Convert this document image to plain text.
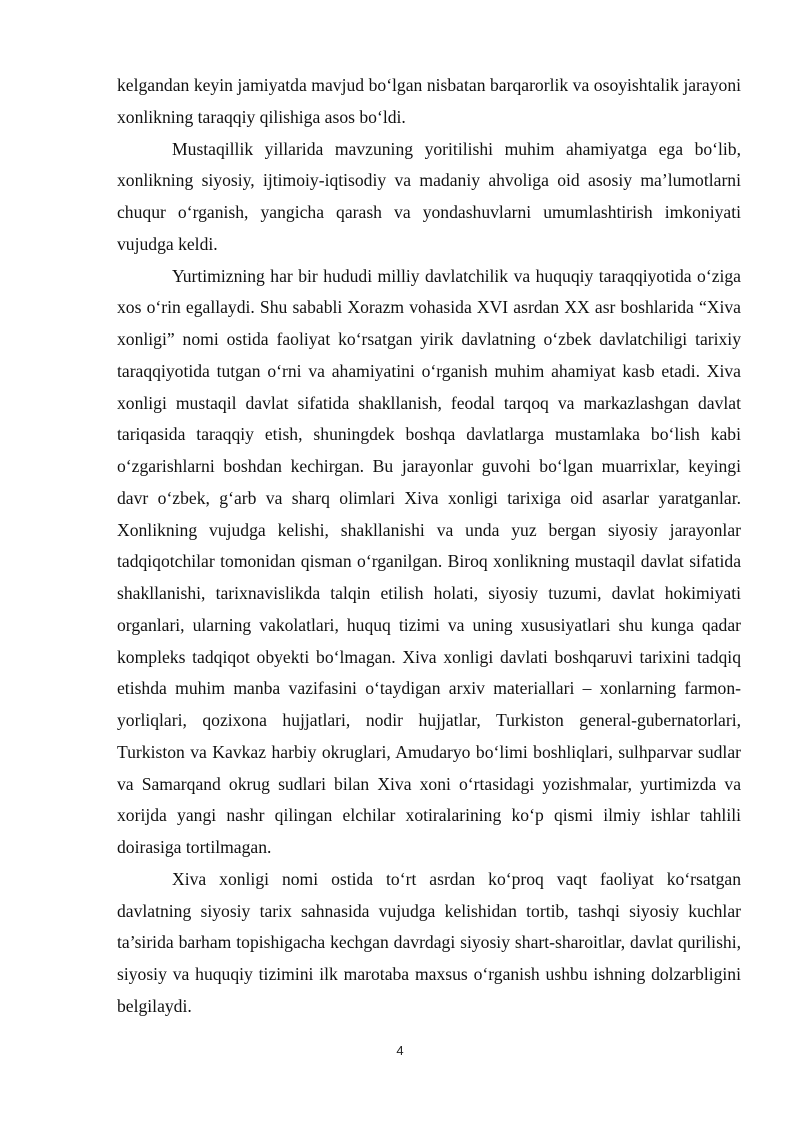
kelgandan keyin jamiyatda mavjud bo‘lgan nisbatan barqarorlik va osoyishtalik jarayoni xonlikning taraqqiy qilishiga asos bo‘ldi.

Mustaqillik yillarida mavzuning yoritilishi muhim ahamiyatga ega bo‘lib, xonlikning siyosiy, ijtimoiy-iqtisodiy va madaniy ahvoliga oid asosiy ma’lumotlarni chuqur o‘rganish, yangicha qarash va yondashuvlarni umumlashtirish imkoniyati vujudga keldi.

Yurtimizning har bir hududi milliy davlatchilik va huquqiy taraqqiyotida o‘ziga xos o‘rin egallaydi. Shu sababli Xorazm vohasida XVI asrdan XX asr boshlarida “Xiva xonligi” nomi ostida faoliyat ko‘rsatgan yirik davlatning o‘zbek davlatchiligi tarixiy taraqqiyotida tutgan o‘rni va ahamiyatini o‘rganish muhim ahamiyat kasb etadi. Xiva xonligi mustaqil davlat sifatida shakllanish, feodal tarqoq va markazlashgan davlat tariqasida taraqqiy etish, shuningdek boshqa davlatlarga mustamlaka bo‘lish kabi o‘zgarishlarni boshdan kechirgan. Bu jarayonlar guvohi bo‘lgan muarrixlar, keyingi davr o‘zbek, g‘arb va sharq olimlari Xiva xonligi tarixiga oid asarlar yaratganlar. Xonlikning vujudga kelishi, shakllanishi va unda yuz bergan siyosiy jarayonlar tadqiqotchilar tomonidan qisman o‘rganilgan. Biroq xonlikning mustaqil davlat sifatida shakllanishi, tarixnavislikda talqin etilish holati, siyosiy tuzumi, davlat hokimiyati organlari, ularning vakolatlari, huquq tizimi va uning xususiyatlari shu kunga qadar kompleks tadqiqot obyekti bo‘lmagan. Xiva xonligi davlati boshqaruvi tarixini tadqiq etishda muhim manba vazifasini o‘taydigan arxiv materiallari – xonlarning farmon-yorliqlari, qozixona hujjatlari, nodir hujjatlar, Turkiston general-gubernatorlari, Turkiston va Kavkaz harbiy okruglari, Amudaryo bo‘limi boshliqlari, sulhparvar sudlar va Samarqand okrug sudlari bilan Xiva xoni o‘rtasidagi yozishmalar, yurtimizda va xorijda yangi nashr qilingan elchilar xotiralarining ko‘p qismi ilmiy ishlar tahlili doirasiga tortilmagan.

Xiva xonligi nomi ostida to‘rt asrdan ko‘proq vaqt faoliyat ko‘rsatgan davlatning siyosiy tarix sahnasida vujudga kelishidan tortib, tashqi siyosiy kuchlar ta’sirida barham topishigacha kechgan davrdagi siyosiy shart-sharoitlar, davlat qurilishi, siyosiy va huquqiy tizimini ilk marotaba maxsus o‘rganish ushbu ishning dolzarbligini belgilaydi.

4
